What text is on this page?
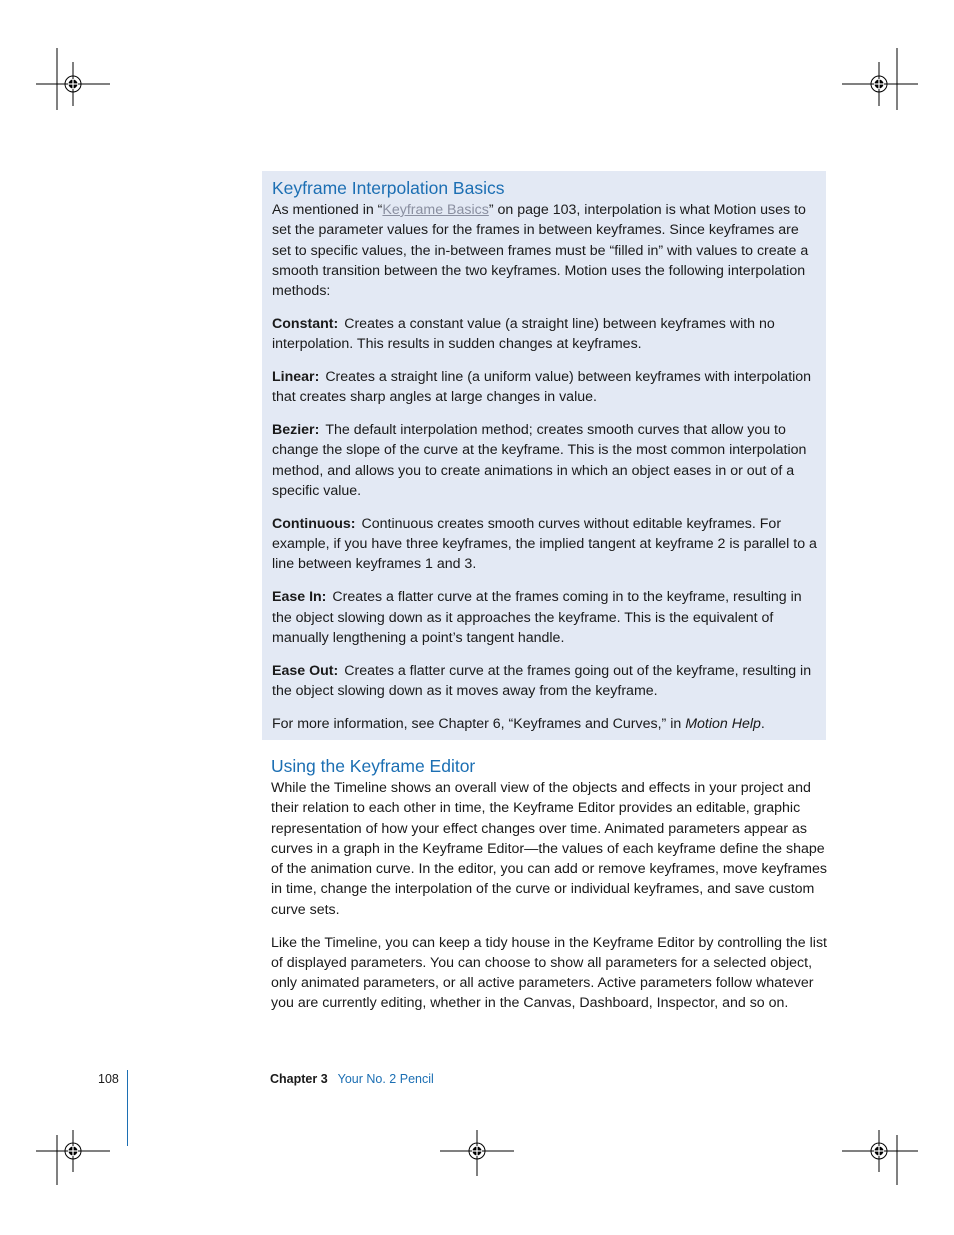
Keyframe Interpolation Basics

As mentioned in “Keyframe Basics” on page 103, interpolation is what Motion uses to set the parameter values for the frames in between keyframes. Since keyframes are set to specific values, the in-between frames must be “filled in” with values to create a smooth transition between the two keyframes. Motion uses the following interpolation methods:

Constant: Creates a constant value (a straight line) between keyframes with no interpolation. This results in sudden changes at keyframes.

Linear: Creates a straight line (a uniform value) between keyframes with interpolation that creates sharp angles at large changes in value.

Bezier: The default interpolation method; creates smooth curves that allow you to change the slope of the curve at the keyframe. This is the most common interpolation method, and allows you to create animations in which an object eases in or out of a specific value.

Continuous: Continuous creates smooth curves without editable keyframes. For example, if you have three keyframes, the implied tangent at keyframe 2 is parallel to a line between keyframes 1 and 3.

Ease In: Creates a flatter curve at the frames coming in to the keyframe, resulting in the object slowing down as it approaches the keyframe. This is the equivalent of manually lengthening a point’s tangent handle.

Ease Out: Creates a flatter curve at the frames going out of the keyframe, resulting in the object slowing down as it moves away from the keyframe.

For more information, see Chapter 6, “Keyframes and Curves,” in Motion Help.

Using the Keyframe Editor

While the Timeline shows an overall view of the objects and effects in your project and their relation to each other in time, the Keyframe Editor provides an editable, graphic representation of how your effect changes over time. Animated parameters appear as curves in a graph in the Keyframe Editor—the values of each keyframe define the shape of the animation curve. In the editor, you can add or remove keyframes, move keyframes in time, change the interpolation of the curve or individual keyframes, and save custom curve sets.

Like the Timeline, you can keep a tidy house in the Keyframe Editor by controlling the list of displayed parameters. You can choose to show all parameters for a selected object, only animated parameters, or all active parameters. Active parameters follow whatever you are currently editing, whether in the Canvas, Dashboard, Inspector, and so on.

108	Chapter 3 Your No. 2 Pencil
